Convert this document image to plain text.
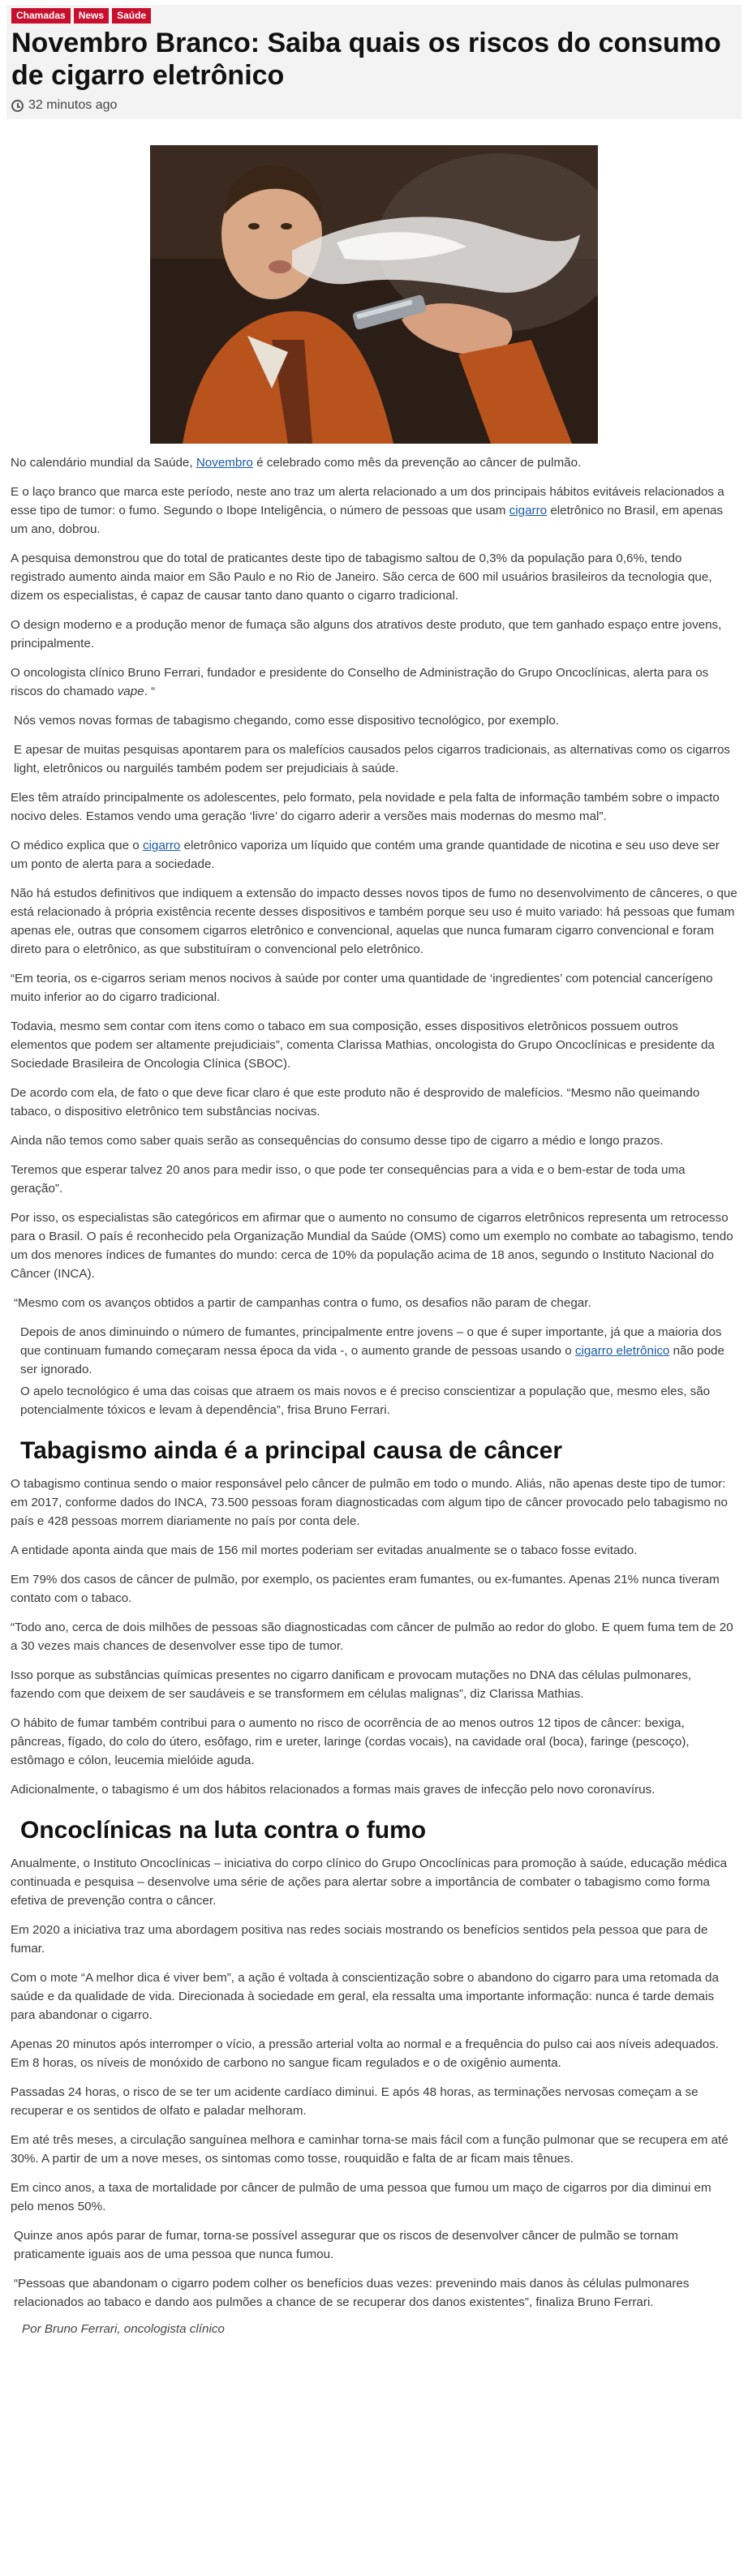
Chamadas	News	Saúde
Novembro Branco: Saiba quais os riscos do consumo de cigarro eletrônico
32 minutos ago

No calendário mundial da Saúde, Novembro é celebrado como mês da prevenção ao câncer de pulmão.

E o laço branco que marca este período, neste ano traz um alerta relacionado a um dos principais hábitos evitáveis relacionados a esse tipo de tumor: o fumo. Segundo o Ibope Inteligência, o número de pessoas que usam cigarro eletrônico no Brasil, em apenas um ano, dobrou.

A pesquisa demonstrou que do total de praticantes deste tipo de tabagismo saltou de 0,3% da população para 0,6%, tendo registrado aumento ainda maior em São Paulo e no Rio de Janeiro. São cerca de 600 mil usuários brasileiros da tecnologia que, dizem os especialistas, é capaz de causar tanto dano quanto o cigarro tradicional.

O design moderno e a produção menor de fumaça são alguns dos atrativos deste produto, que tem ganhado espaço entre jovens, principalmente.

O oncologista clínico Bruno Ferrari, fundador e presidente do Conselho de Administração do Grupo Oncoclínicas, alerta para os riscos do chamado vape. “

Nós vemos novas formas de tabagismo chegando, como esse dispositivo tecnológico, por exemplo.

E apesar de muitas pesquisas apontarem para os malefícios causados pelos cigarros tradicionais, as alternativas como os cigarros light, eletrônicos ou narguilés também podem ser prejudiciais à saúde.

Eles têm atraído principalmente os adolescentes, pelo formato, pela novidade e pela falta de informação também sobre o impacto nocivo deles. Estamos vendo uma geração ‘livre’ do cigarro aderir a versões mais modernas do mesmo mal”.

O médico explica que o cigarro eletrônico vaporiza um líquido que contém uma grande quantidade de nicotina e seu uso deve ser um ponto de alerta para a sociedade.

Não há estudos definitivos que indiquem a extensão do impacto desses novos tipos de fumo no desenvolvimento de cânceres, o que está relacionado à própria existência recente desses dispositivos e também porque seu uso é muito variado: há pessoas que fumam apenas ele, outras que consomem cigarros eletrônico e convencional, aquelas que nunca fumaram cigarro convencional e foram direto para o eletrônico, as que substituíram o convencional pelo eletrônico.

“Em teoria, os e-cigarros seriam menos nocivos à saúde por conter uma quantidade de ‘ingredientes’ com potencial cancerígeno muito inferior ao do cigarro tradicional.

Todavia, mesmo sem contar com itens como o tabaco em sua composição, esses dispositivos eletrônicos possuem outros elementos que podem ser altamente prejudiciais”, comenta Clarissa Mathias, oncologista do Grupo Oncoclínicas e presidente da Sociedade Brasileira de Oncologia Clínica (SBOC).

De acordo com ela, de fato o que deve ficar claro é que este produto não é desprovido de malefícios. “Mesmo não queimando tabaco, o dispositivo eletrônico tem substâncias nocivas.

Ainda não temos como saber quais serão as consequências do consumo desse tipo de cigarro a médio e longo prazos.

Teremos que esperar talvez 20 anos para medir isso, o que pode ter consequências para a vida e o bem-estar de toda uma geração”.

Por isso, os especialistas são categóricos em afirmar que o aumento no consumo de cigarros eletrônicos representa um retrocesso para o Brasil. O país é reconhecido pela Organização Mundial da Saúde (OMS) como um exemplo no combate ao tabagismo, tendo um dos menores índices de fumantes do mundo: cerca de 10% da população acima de 18 anos, segundo o Instituto Nacional do Câncer (INCA).

“Mesmo com os avanços obtidos a partir de campanhas contra o fumo, os desafios não param de chegar.

Depois de anos diminuindo o número de fumantes, principalmente entre jovens – o que é super importante, já que a maioria dos que continuam fumando começaram nessa época da vida -, o aumento grande de pessoas usando o cigarro eletrônico não pode ser ignorado.

O apelo tecnológico é uma das coisas que atraem os mais novos e é preciso conscientizar a população que, mesmo eles, são potencialmente tóxicos e levam à dependência”, frisa Bruno Ferrari.

Tabagismo ainda é a principal causa de câncer

O tabagismo continua sendo o maior responsável pelo câncer de pulmão em todo o mundo. Aliás, não apenas deste tipo de tumor: em 2017, conforme dados do INCA, 73.500 pessoas foram diagnosticadas com algum tipo de câncer provocado pelo tabagismo no país e 428 pessoas morrem diariamente no país por conta dele.

A entidade aponta ainda que mais de 156 mil mortes poderiam ser evitadas anualmente se o tabaco fosse evitado.

Em 79% dos casos de câncer de pulmão, por exemplo, os pacientes eram fumantes, ou ex-fumantes. Apenas 21% nunca tiveram contato com o tabaco.

“Todo ano, cerca de dois milhões de pessoas são diagnosticadas com câncer de pulmão ao redor do globo. E quem fuma tem de 20 a 30 vezes mais chances de desenvolver esse tipo de tumor.

Isso porque as substâncias químicas presentes no cigarro danificam e provocam mutações no DNA das células pulmonares, fazendo com que deixem de ser saudáveis e se transformem em células malignas”, diz Clarissa Mathias.

O hábito de fumar também contribui para o aumento no risco de ocorrência de ao menos outros 12 tipos de câncer: bexiga, pâncreas, fígado, do colo do útero, esôfago, rim e ureter, laringe (cordas vocais), na cavidade oral (boca), faringe (pescoço), estômago e cólon, leucemia mielóide aguda.

Adicionalmente, o tabagismo é um dos hábitos relacionados a formas mais graves de infecção pelo novo coronavírus.

Oncoclínicas na luta contra o fumo

Anualmente, o Instituto Oncoclínicas – iniciativa do corpo clínico do Grupo Oncoclínicas para promoção à saúde, educação médica continuada e pesquisa – desenvolve uma série de ações para alertar sobre a importância de combater o tabagismo como forma efetiva de prevenção contra o câncer.

Em 2020 a iniciativa traz uma abordagem positiva nas redes sociais mostrando os benefícios sentidos pela pessoa que para de fumar.

Com o mote “A melhor dica é viver bem”, a ação é voltada à conscientização sobre o abandono do cigarro para uma retomada da saúde e da qualidade de vida. Direcionada à sociedade em geral, ela ressalta uma importante informação: nunca é tarde demais para abandonar o cigarro.

Apenas 20 minutos após interromper o vício, a pressão arterial volta ao normal e a frequência do pulso cai aos níveis adequados. Em 8 horas, os níveis de monóxido de carbono no sangue ficam regulados e o de oxigênio aumenta.

Passadas 24 horas, o risco de se ter um acidente cardíaco diminui. E após 48 horas, as terminações nervosas começam a se recuperar e os sentidos de olfato e paladar melhoram.

Em até três meses, a circulação sanguínea melhora e caminhar torna-se mais fácil com a função pulmonar que se recupera em até 30%. A partir de um a nove meses, os sintomas como tosse, rouquidão e falta de ar ficam mais tênues.

Em cinco anos, a taxa de mortalidade por câncer de pulmão de uma pessoa que fumou um maço de cigarros por dia diminui em pelo menos 50%.

Quinze anos após parar de fumar, torna-se possível assegurar que os riscos de desenvolver câncer de pulmão se tornam praticamente iguais aos de uma pessoa que nunca fumou.

“Pessoas que abandonam o cigarro podem colher os benefícios duas vezes: prevenindo mais danos às células pulmonares relacionados ao tabaco e dando aos pulmões a chance de se recuperar dos danos existentes”, finaliza Bruno Ferrari.

Por Bruno Ferrari, oncologista clínico
